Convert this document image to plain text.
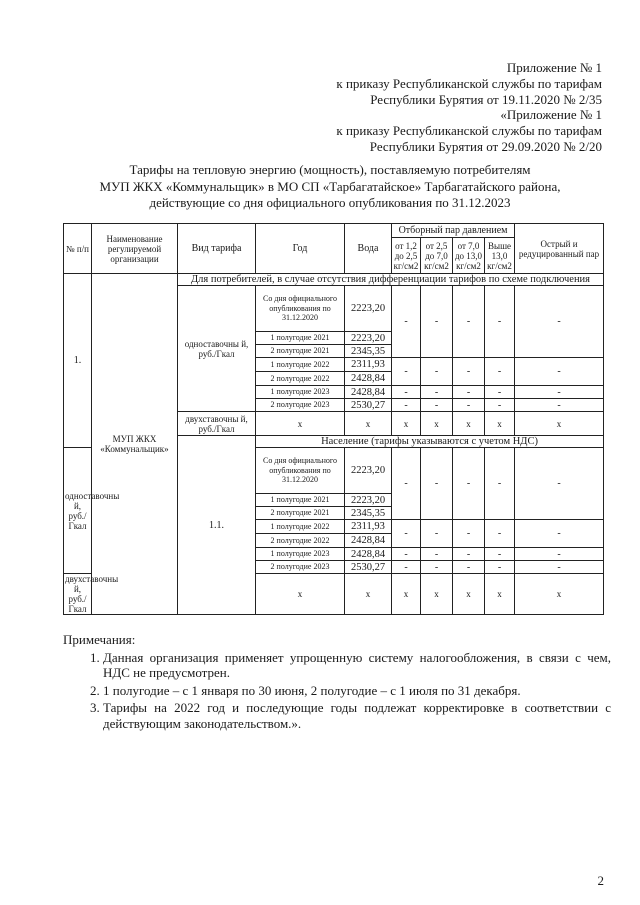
Приложение № 1
к приказу Республиканской службы по тарифам
Республики Бурятия от 19.11.2020 № 2/35
«Приложение № 1
к приказу Республиканской службы по тарифам
Республики Бурятия от 29.09.2020 № 2/20
Тарифы на тепловую энергию (мощность), поставляемую потребителям
МУП ЖКХ «Коммунальщик» в МО СП «Тарбагатайское» Тарбагатайского района,
действующие со дня официального опубликования по 31.12.2023
№ п/п	Наименование регулируемой организации	Вид тарифа	Год	Вода	Отборный пар давлением				Острый и редуцированный пар
					от 1,2 до 2,5 кг/см2	от 2,5 до 7,0 кг/см2	от 7,0 до 13,0 кг/см2	Выше 13,0 кг/см2	
1.	МУП ЖКХ «Коммунальщик»	Для потребителей, в случае отсутствия дифференциации тарифов по схеме подключения							
		одноставочны й, руб./Гкал	Со дня официального опубликования по 31.12.2020	2223,20	-	-	-	-	-
			1 полугодие 2021	2223,20					
			2 полугодие 2021	2345,35					
			1 полугодие 2022	2311,93	-	-	-	-	-
			2 полугодие 2022	2428,84					
			1 полугодие 2023	2428,84	-	-	-	-	-
			2 полугодие 2023	2530,27	-	-	-	-	-
		двухставочны й, руб./Гкал	x	x	x	x	x	x	x
		1.1.	Население (тарифы указываются с учетом НДС)						
одноставочны й, руб./Гкал			Со дня официального опубликования по 31.12.2020	2223,20	-	-	-	-	-
			1 полугодие 2021	2223,20					
			2 полугодие 2021	2345,35					
			1 полугодие 2022	2311,93	-	-	-	-	-
			2 полугодие 2022	2428,84					
			1 полугодие 2023	2428,84	-	-	-	-	-
			2 полугодие 2023	2530,27	-	-	-	-	-
двухставочны й, руб./Гкал			x	x	x	x	x	x	x
Примечания:
1. Данная организация применяет упрощенную систему налогообложения, в связи с чем, НДС не предусмотрен.
2. 1 полугодие – с 1 января по 30 июня, 2 полугодие – с 1 июля по 31 декабря.
3. Тарифы на 2022 год и последующие годы подлежат корректировке в соответствии с действующим законодательством.».
2
